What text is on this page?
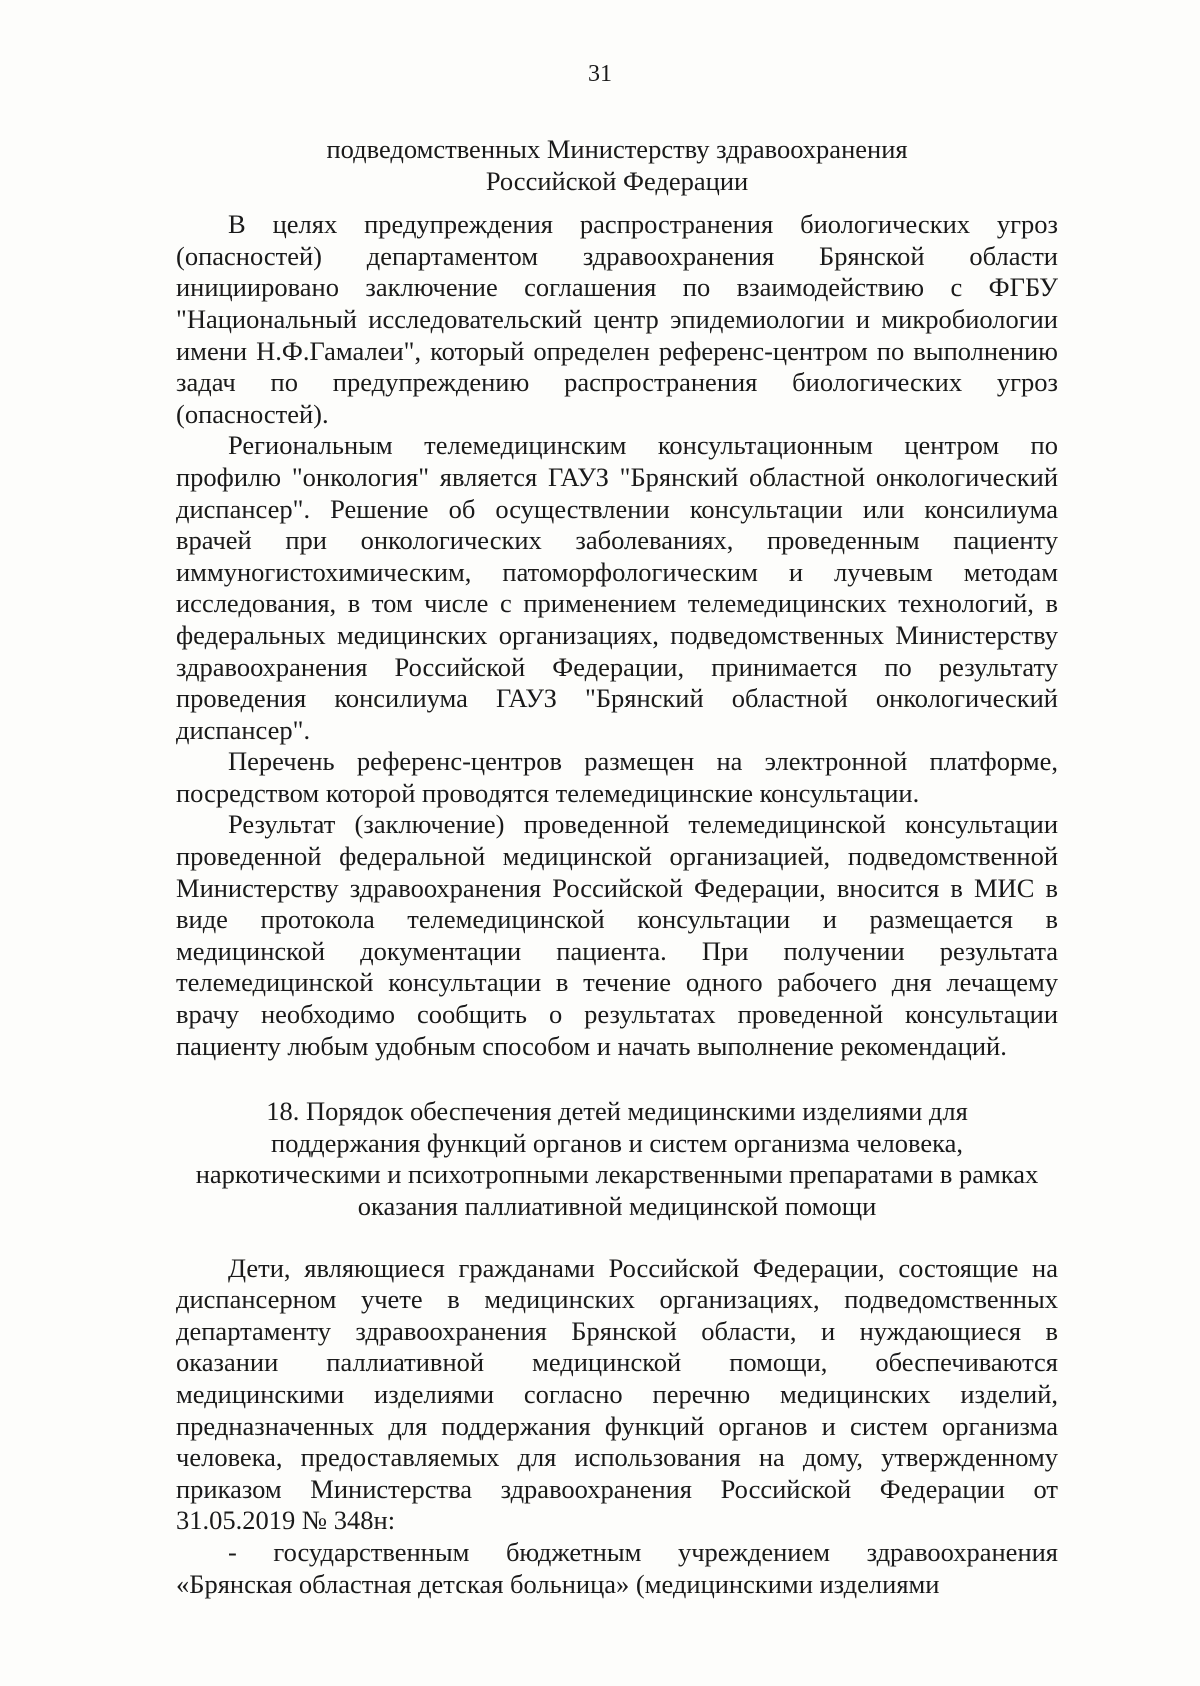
31

подведомственных Министерству здравоохранения
Российской Федерации

В целях предупреждения распространения биологических угроз (опасностей) департаментом здравоохранения Брянской области инициировано заключение соглашения по взаимодействию с ФГБУ "Национальный исследовательский центр эпидемиологии и микробиологии имени Н.Ф.Гамалеи", который определен референс-центром по выполнению задач по предупреждению распространения биологических угроз (опасностей).

Региональным телемедицинским консультационным центром по профилю "онкология" является ГАУЗ "Брянский областной онкологический диспансер". Решение об осуществлении консультации или консилиума врачей при онкологических заболеваниях, проведенным пациенту иммуногистохимическим, патоморфологическим и лучевым методам исследования, в том числе с применением телемедицинских технологий, в федеральных медицинских организациях, подведомственных Министерству здравоохранения Российской Федерации, принимается по результату проведения консилиума ГАУЗ "Брянский областной онкологический диспансер".

Перечень референс-центров размещен на электронной платформе, посредством которой проводятся телемедицинские консультации.

Результат (заключение) проведенной телемедицинской консультации проведенной федеральной медицинской организацией, подведомственной Министерству здравоохранения Российской Федерации, вносится в МИС в виде протокола телемедицинской консультации и размещается в медицинской документации пациента. При получении результата телемедицинской консультации в течение одного рабочего дня лечащему врачу необходимо сообщить о результатах проведенной консультации пациенту любым удобным способом и начать выполнение рекомендаций.

18. Порядок обеспечения детей медицинскими изделиями для
поддержания функций органов и систем организма человека,
наркотическими и психотропными лекарственными препаратами в рамках
оказания паллиативной медицинской помощи

Дети, являющиеся гражданами Российской Федерации, состоящие на диспансерном учете в медицинских организациях, подведомственных департаменту здравоохранения Брянской области, и нуждающиеся в оказании паллиативной медицинской помощи, обеспечиваются медицинскими изделиями согласно перечню медицинских изделий, предназначенных для поддержания функций органов и систем организма человека, предоставляемых для использования на дому, утвержденному приказом Министерства здравоохранения Российской Федерации от 31.05.2019 № 348н:

- государственным бюджетным учреждением здравоохранения «Брянская областная детская больница» (медицинскими изделиями
